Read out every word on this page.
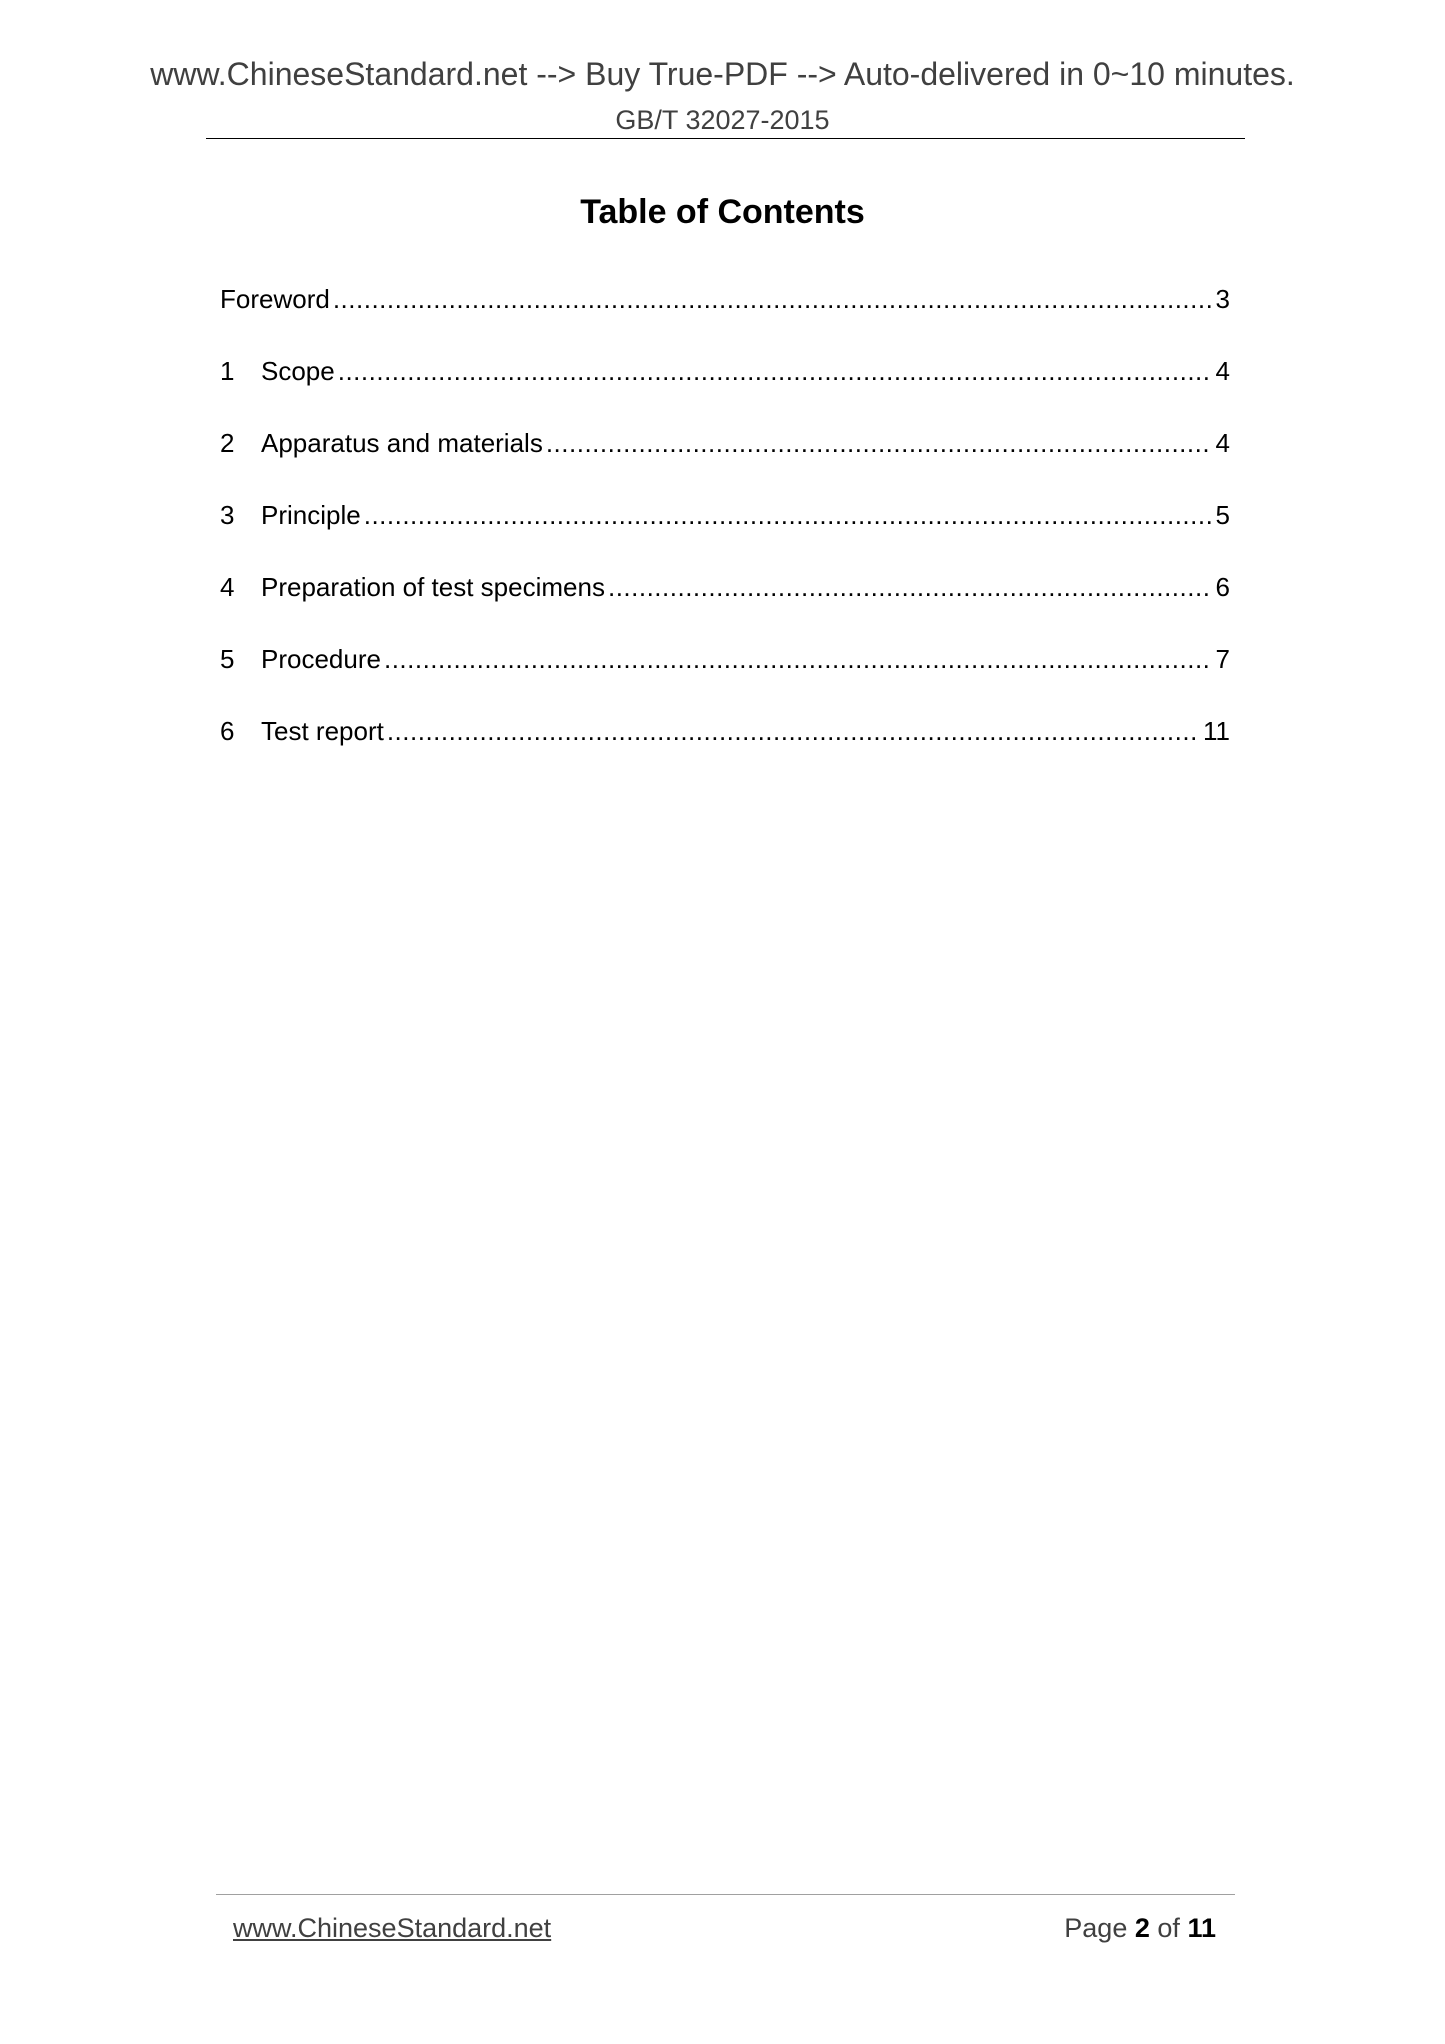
www.ChineseStandard.net --> Buy True-PDF --> Auto-delivered in 0~10 minutes.
GB/T 32027-2015
Table of Contents
Foreword .....	3
1	Scope .....	4
2	Apparatus and materials .....	4
3	Principle .....	5
4	Preparation of test specimens .....	6
5	Procedure .....	7
6	Test report .....	11
www.ChineseStandard.net	Page 2 of 11
